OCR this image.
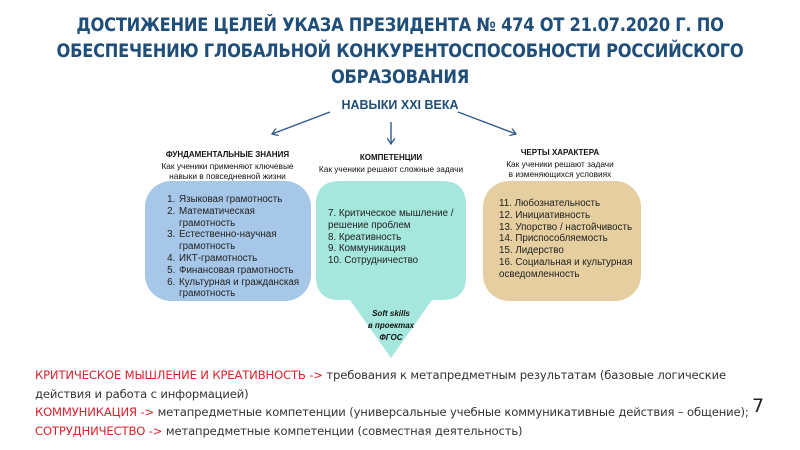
ДОСТИЖЕНИЕ ЦЕЛЕЙ УКАЗА ПРЕЗИДЕНТА № 474 ОТ 21.07.2020 Г. ПО
ОБЕСПЕЧЕНИЮ ГЛОБАЛЬНОЙ КОНКУРЕНТОСПОСОБНОСТИ РОССИЙСКОГО
ОБРАЗОВАНИЯ
НАВЫКИ XXI ВЕКА
ФУНДАМЕНТАЛЬНЫЕ ЗНАНИЯ
Как ученики применяют ключевые
навыки в повседневной жизни
КОМПЕТЕНЦИИ
Как ученики решают сложные задачи
ЧЕРТЫ ХАРАКТЕРА
Как ученики решают задачи
в изменяющихся условиях
1. Языковая грамотность
2. Математическая грамотность
3. Естественно-научная грамотность
4. ИКТ-грамотность
5. Финансовая грамотность
6. Культурная и гражданская грамотность
7. Критическое мышление / решение проблем
8. Креативность
9. Коммуникация
10. Сотрудничество
Soft skills
в проектах
ФГОС
11. Любознательность
12. Инициативность
13. Упорство / настойчивость
14. Приспособляемость
15. Лидерство
16. Социальная и культурная осведомленность
КРИТИЧЕСКОЕ МЫШЛЕНИЕ И КРЕАТИВНОСТЬ -> требования к метапредметным результатам (базовые логические действия и работа с информацией)
КОММУНИКАЦИЯ -> метапредметные компетенции (универсальные учебные коммуникативные действия – общение);
СОТРУДНИЧЕСТВО -> метапредметные компетенции (совместная деятельность)
7
